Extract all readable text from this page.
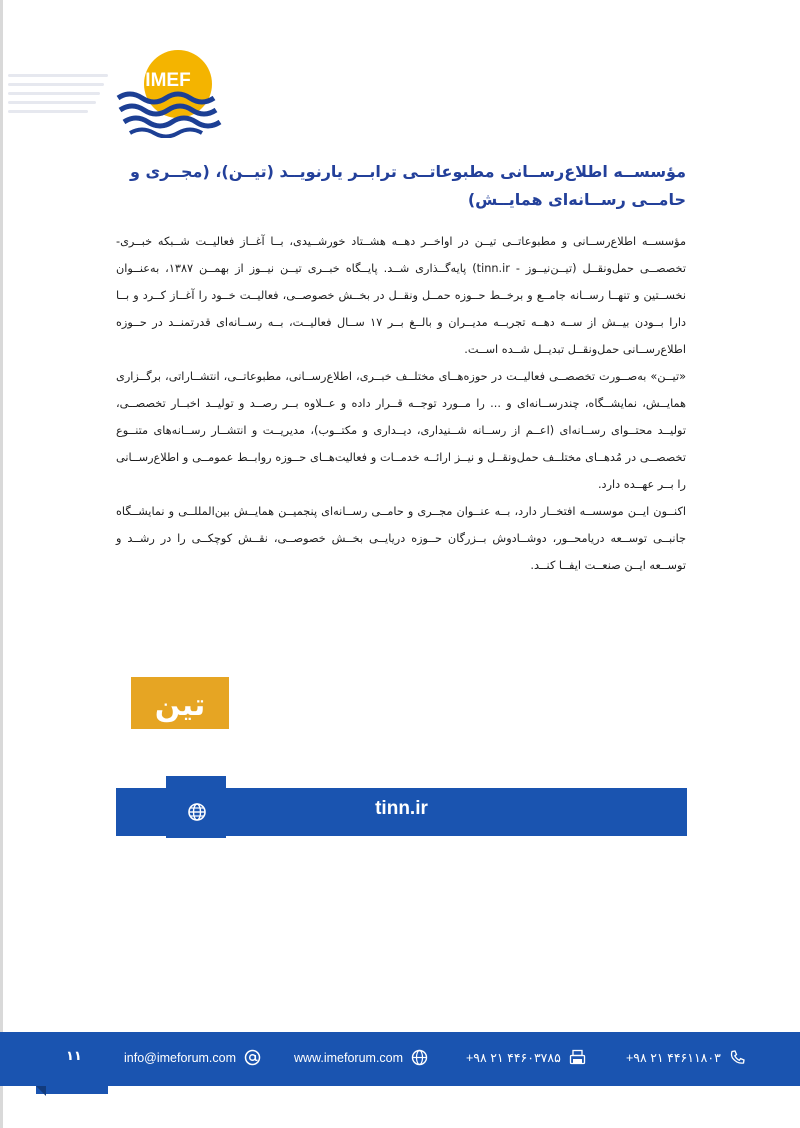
IMEF
مؤسســه اطلاع‌رســانی مطبوعاتــی ترابــر یارنویــد (تیــن)، (مجــری و حامــی رســانه‌ای همایــش)

مؤسســه اطلاع‌رســانی و مطبوعاتــی تیــن در اواخــر دهــه هشــتاد خورشــیدی، بــا آغــاز فعالیــت شــبکه خبــری- تخصصــی حمل‌ونقــل (تیــن‌نیــوز - tinn.ir) پایه‌گــذاری شــد. پایــگاه خبــری تیــن نیــوز از بهمــن ۱۳۸۷، به‌عنــوان نخســتین و تنهــا رســانه جامــع و برخــط حــوزه حمــل ونقــل در بخــش خصوصــی، فعالیــت خــود را آغــاز کــرد و بــا دارا بــودن بیــش از ســه دهــه تجربــه مدیــران و بالــغ بــر ۱۷ ســال فعالیــت، بــه رســانه‌ای قدرتمنــد در حــوزه اطلاع‌رســانی حمل‌ونقــل تبدیــل شــده اســت.

«تیــن» به‌صــورت تخصصــی فعالیــت در حوزه‌هــای مختلــف خبــری، اطلاع‌رســانی، مطبوعاتــی، انتشــاراتی، برگــزاری همایــش، نمایشــگاه، چندرســانه‌ای و ... را مــورد توجــه قــرار داده و عــلاوه بــر رصــد و تولیــد اخبــار تخصصــی، تولیــد محتــوای رســانه‌ای (اعــم از رســانه شــنیداری، دیــداری و مکتــوب)، مدیریــت و انتشــار رســانه‌های متنــوع تخصصــی در مُدهــای مختلــف حمل‌ونقــل و نیــز ارائــه خدمــات و فعالیت‌هــای حــوزه روابــط عمومــی و اطلاع‌رســانی را بــر عهــده دارد.

اکنــون ایــن موسســه افتخــار دارد، بــه عنــوان مجــری و حامــی رســانه‌ای پنجمیــن همایــش بین‌المللــی و نمایشــگاه جانبــی توســعه دریامحــور، دوشــادوش بــزرگان حــوزه دریایــی بخــش خصوصــی، نقــش کوچکــی را در رشــد و توســعه ایــن صنعــت ایفــا کنــد.

تین
tinn.ir
۱۱	info@imeforum.com	www.imeforum.com	+۹۸ ۲۱ ۴۴۶۰۳۷۸۵	+۹۸ ۲۱ ۴۴۶۱۱۸۰۳
